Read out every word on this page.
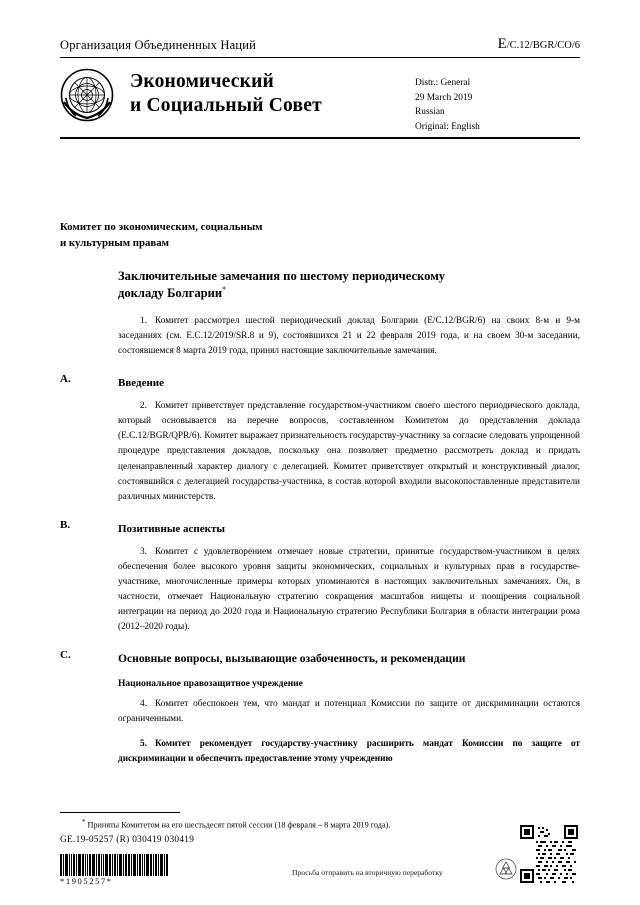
Организация Объединенных Наций	E/C.12/BGR/CO/6
Экономический
и Социальный Совет
Distr.: General
29 March 2019
Russian
Original: English
Комитет по экономическим, социальным
и культурным правам
Заключительные замечания по шестому периодическому
докладу Болгарии*

1. Комитет рассмотрел шестой периодический доклад Болгарии (E/C.12/BGR/6) на своих 8-м и 9-м заседаниях (см. E.C.12/2019/SR.8 и 9), состоявшихся 21 и 22 февраля 2019 года, и на своем 30-м заседании, состоявшемся 8 марта 2019 года, принял настоящие заключительные замечания.

A.	Введение

2. Комитет приветствует представление государством-участником своего шестого периодического доклада, который основывается на перечне вопросов, составленном Комитетом до представления доклада (E.C.12/BGR/QPR/6). Комитет выражает признательность государству-участнику за согласие следовать упрощенной процедуре представления докладов, поскольку она позволяет предметно рассмотреть доклад и придать целенаправленный характер диалогу с делегацией. Комитет приветствует открытый и конструктивный диалог, состоявшийся с делегацией государства-участника, в состав которой входили высокопоставленные представители различных министерств.

B.	Позитивные аспекты

3. Комитет с удовлетворением отмечает новые стратегии, принятые государством-участником в целях обеспечения более высокого уровня защиты экономических, социальных и культурных прав в государстве-участнике, многочисленные примеры которых упоминаются в настоящих заключительных замечаниях. Он, в частности, отмечает Национальную стратегию сокращения масштабов нищеты и поощрения социальной интеграции на период до 2020 года и Национальную стратегию Республики Болгария в области интеграции рома (2012–2020 годы).

C.	Основные вопросы, вызывающие озабоченность, и рекомендации
Национальное правозащитное учреждение

4. Комитет обеспокоен тем, что мандат и потенциал Комиссии по защите от дискриминации остаются ограниченными.

5. Комитет рекомендует государству-участнику расширить мандат Комиссии по защите от дискриминации и обеспечить предоставление этому учреждению

* Приняты Комитетом на его шестьдесят пятой сессии (18 февраля – 8 марта 2019 года).
GE.19-05257 (R) 030419 030419
*1905257*
Просьба отправить на вторичную переработку
